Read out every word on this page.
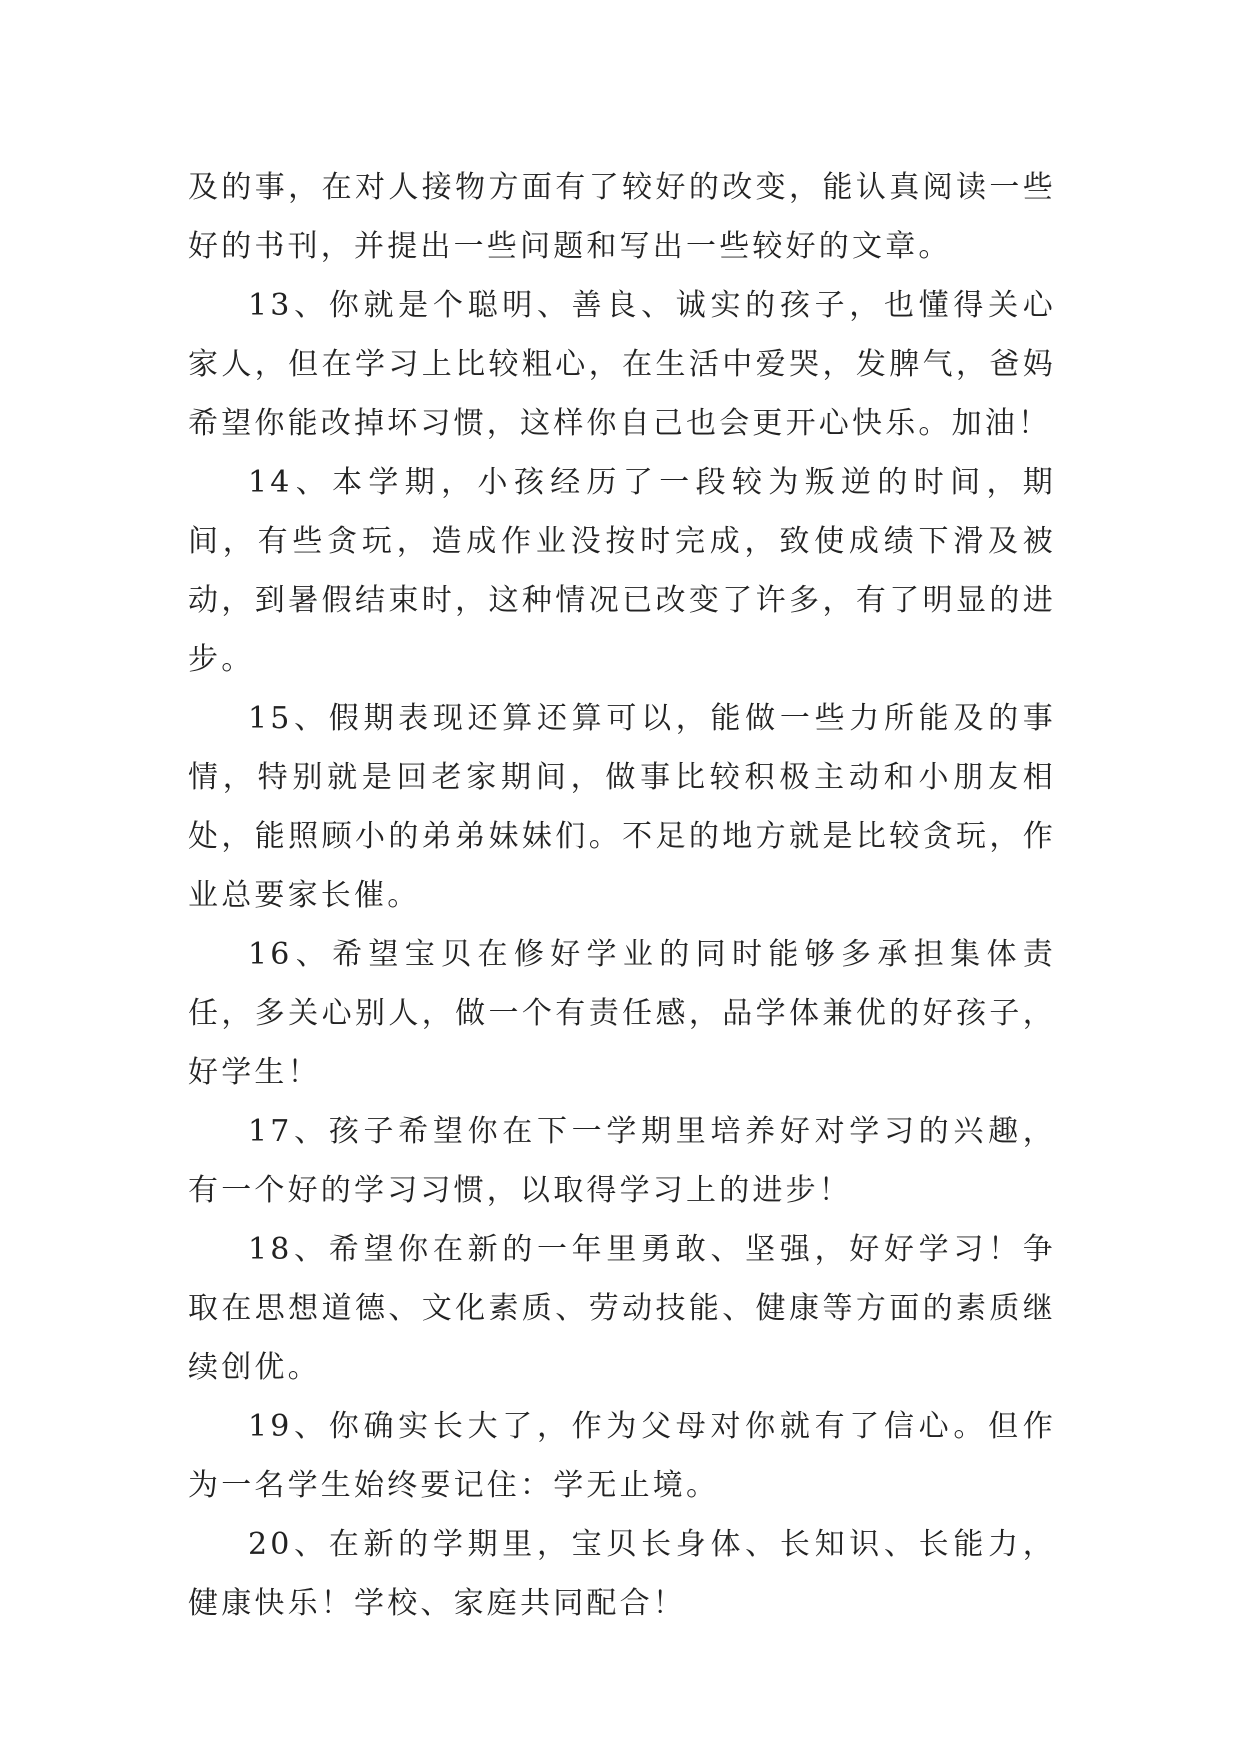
及的事，在对人接物方面有了较好的改变，能认真阅读一些好的书刊，并提出一些问题和写出一些较好的文章。

13、你就是个聪明、善良、诚实的孩子，也懂得关心家人，但在学习上比较粗心，在生活中爱哭，发脾气，爸妈希望你能改掉坏习惯，这样你自己也会更开心快乐。加油！

14、本学期，小孩经历了一段较为叛逆的时间，期间，有些贪玩，造成作业没按时完成，致使成绩下滑及被动，到暑假结束时，这种情况已改变了许多，有了明显的进步。

15、假期表现还算还算可以，能做一些力所能及的事情，特别就是回老家期间，做事比较积极主动和小朋友相处，能照顾小的弟弟妹妹们。不足的地方就是比较贪玩，作业总要家长催。

16、希望宝贝在修好学业的同时能够多承担集体责任，多关心别人，做一个有责任感，品学体兼优的好孩子，好学生！

17、孩子希望你在下一学期里培养好对学习的兴趣，有一个好的学习习惯，以取得学习上的进步！

18、希望你在新的一年里勇敢、坚强，好好学习！争取在思想道德、文化素质、劳动技能、健康等方面的素质继续创优。

19、你确实长大了，作为父母对你就有了信心。但作为一名学生始终要记住：学无止境。

20、在新的学期里，宝贝长身体、长知识、长能力，健康快乐！学校、家庭共同配合！
